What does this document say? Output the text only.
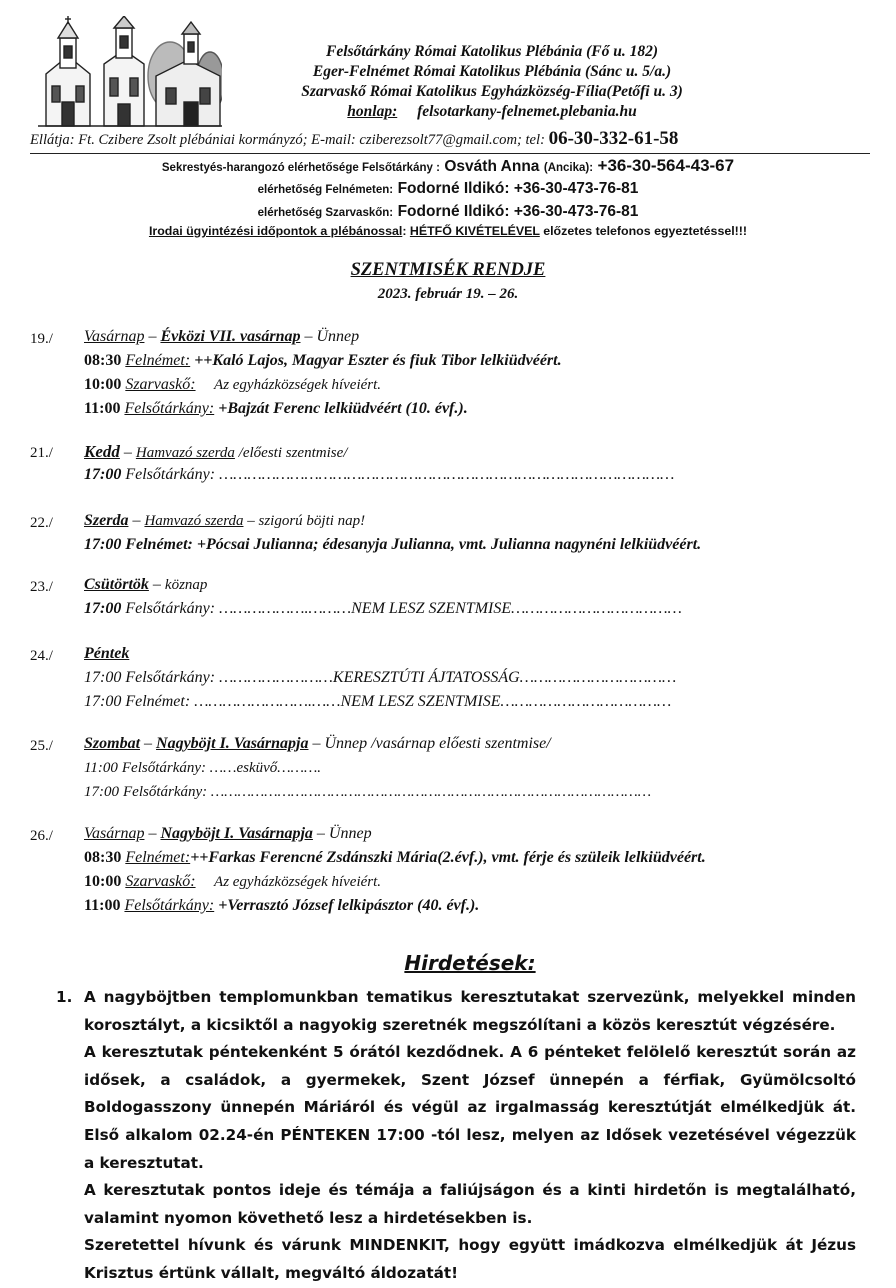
Felsőtárkány Római Katolikus Plébánia (Fő u. 182)
Eger-Felnémet Római Katolikus Plébánia (Sánc u. 5/a.)
Szarvaskő Római Katolikus Egyházközség-Fília(Petőfi u. 3)
honlap: felsotarkany-felnemet.plebania.hu
Ellátja: Ft. Czibere Zsolt plébániai kormányzó; E-mail: cziberezsolt77@gmail.com; tel: 06-30-332-61-58
Sekrestyés-harangozó elérhetősége Felsőtárkány : Osváth Anna (Ancika): +36-30-564-43-67
elérhetőség Felnémeten: Fodorné Ildikó: +36-30-473-76-81
elérhetőség Szarvaskőn: Fodorné Ildikó: +36-30-473-76-81
Irodai ügyintézési időpontok a plébánossal: HÉTFŐ KIVÉTELÉVEL előzetes telefonos egyeztetéssel!!!
SZENTMISÉK RENDJE
2023. február 19. – 26.
19./ Vasárnap – Évközi VII. vasárnap – Ünnep
08:30 Felnémet: ++Kaló Lajos, Magyar Eszter és fiuk Tibor lelkiüdvéért.
10:00 Szarvaskő:     Az egyházközségek híveiért.
11:00 Felsőtárkány: +Bajzát Ferenc lelkiüdvéért (10. évf.).
21./ Kedd – Hamvazó szerda /előesti szentmise/
17:00 Felsőtárkány: ……………………………………………………………………………………
22./ Szerda – Hamvazó szerda – szigorú böjti nap!
17:00 Felnémet: +Pócsai Julianna; édesanyja Julianna, vmt. Julianna nagynéni lelkiüdvéért.
23./ Csütörtök – köznap
17:00 Felsőtárkány: ……………….………NEM LESZ SZENTMISE………………………………
24./ Péntek
17:00 Felsőtárkány: ……………………KERESZTÚTI ÁJTATOSSÁG……………………………
17:00 Felnémet: …………………….……NEM LESZ SZENTMISE………………………………
25./ Szombat – Nagyböjt I. Vasárnapja – Ünnep /vasárnap előesti szentmise/
11:00 Felsőtárkány: ……esküvő……….
17:00 Felsőtárkány: ………………………………………………………………………………………
26./ Vasárnap – Nagyböjt I. Vasárnapja – Ünnep
08:30 Felnémet:++Farkas Ferencné Zsdánszki Mária(2.évf.), vmt. férje és szüleik lelkiüdvéért.
10:00 Szarvaskő:     Az egyházközségek híveiért.
11:00 Felsőtárkány: +Verrasztó József lelkipásztor (40. évf.).
Hirdetések:
1. A nagyböjtben templomunkban tematikus keresztutakat szervezünk, melyekkel minden korosztályt, a kicsiktől a nagyokig szeretnék megszólítani a közös keresztút végzésére.

A keresztutak péntekenként 5 órától kezdődnek. A 6 pénteket felölelő keresztút során az idősek, a családok, a gyermekek, Szent József ünnepén a férfiak, Gyümölcsoltó Boldogasszony ünnepén Máriáról és végül az irgalmasság keresztútját elmélkedjük át. Első alkalom 02.24-én PÉNTEKEN 17:00 -tól lesz, melyen az Idősek vezetésével végezzük a keresztutat.

A keresztutak pontos ideje és témája a faliújságon és a kinti hirdetőn is megtalálható, valamint nyomon követhető lesz a hirdetésekben is.

Szeretettel hívunk és várunk MINDENKIT, hogy együtt imádkozva elmélkedjük át Jézus Krisztus értünk vállalt, megváltó áldozatát!
